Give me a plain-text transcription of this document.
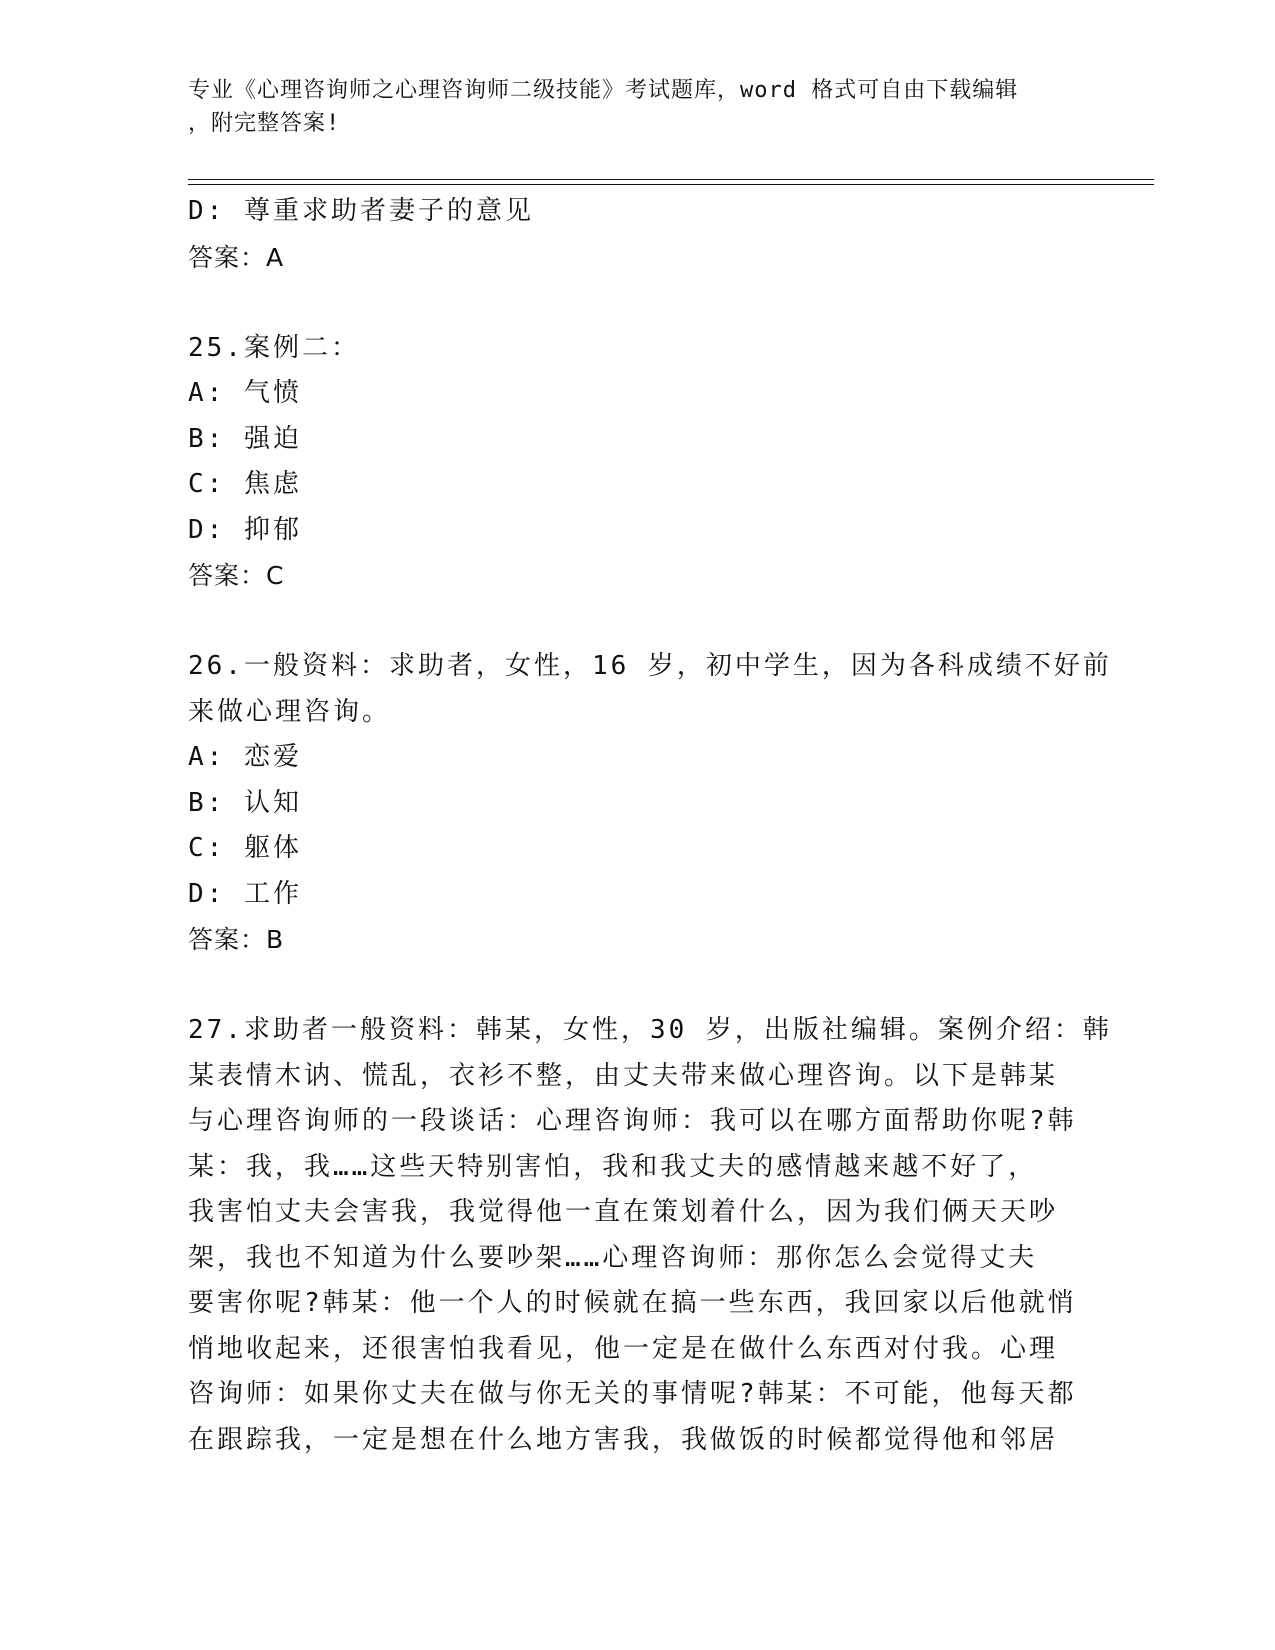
专业《心理咨询师之心理咨询师二级技能》考试题库，word 格式可自由下载编辑
，附完整答案!
D: 尊重求助者妻子的意见
答案：A
25.案例二：
A: 气愤
B: 强迫
C: 焦虑
D: 抑郁
答案：C
26.一般资料：求助者，女性，16 岁，初中学生，因为各科成绩不好前
来做心理咨询。
A: 恋爱
B: 认知
C: 躯体
D: 工作
答案：B
27.求助者一般资料：韩某，女性，30 岁，出版社编辑。案例介绍：韩
某表情木讷、慌乱，衣衫不整，由丈夫带来做心理咨询。以下是韩某
与心理咨询师的一段谈话：心理咨询师：我可以在哪方面帮助你呢?韩
某：我，我……这些天特别害怕，我和我丈夫的感情越来越不好了，
我害怕丈夫会害我，我觉得他一直在策划着什么，因为我们俩天天吵
架，我也不知道为什么要吵架……心理咨询师：那你怎么会觉得丈夫
要害你呢?韩某：他一个人的时候就在搞一些东西，我回家以后他就悄
悄地收起来，还很害怕我看见，他一定是在做什么东西对付我。心理
咨询师：如果你丈夫在做与你无关的事情呢?韩某：不可能，他每天都
在跟踪我，一定是想在什么地方害我，我做饭的时候都觉得他和邻居
